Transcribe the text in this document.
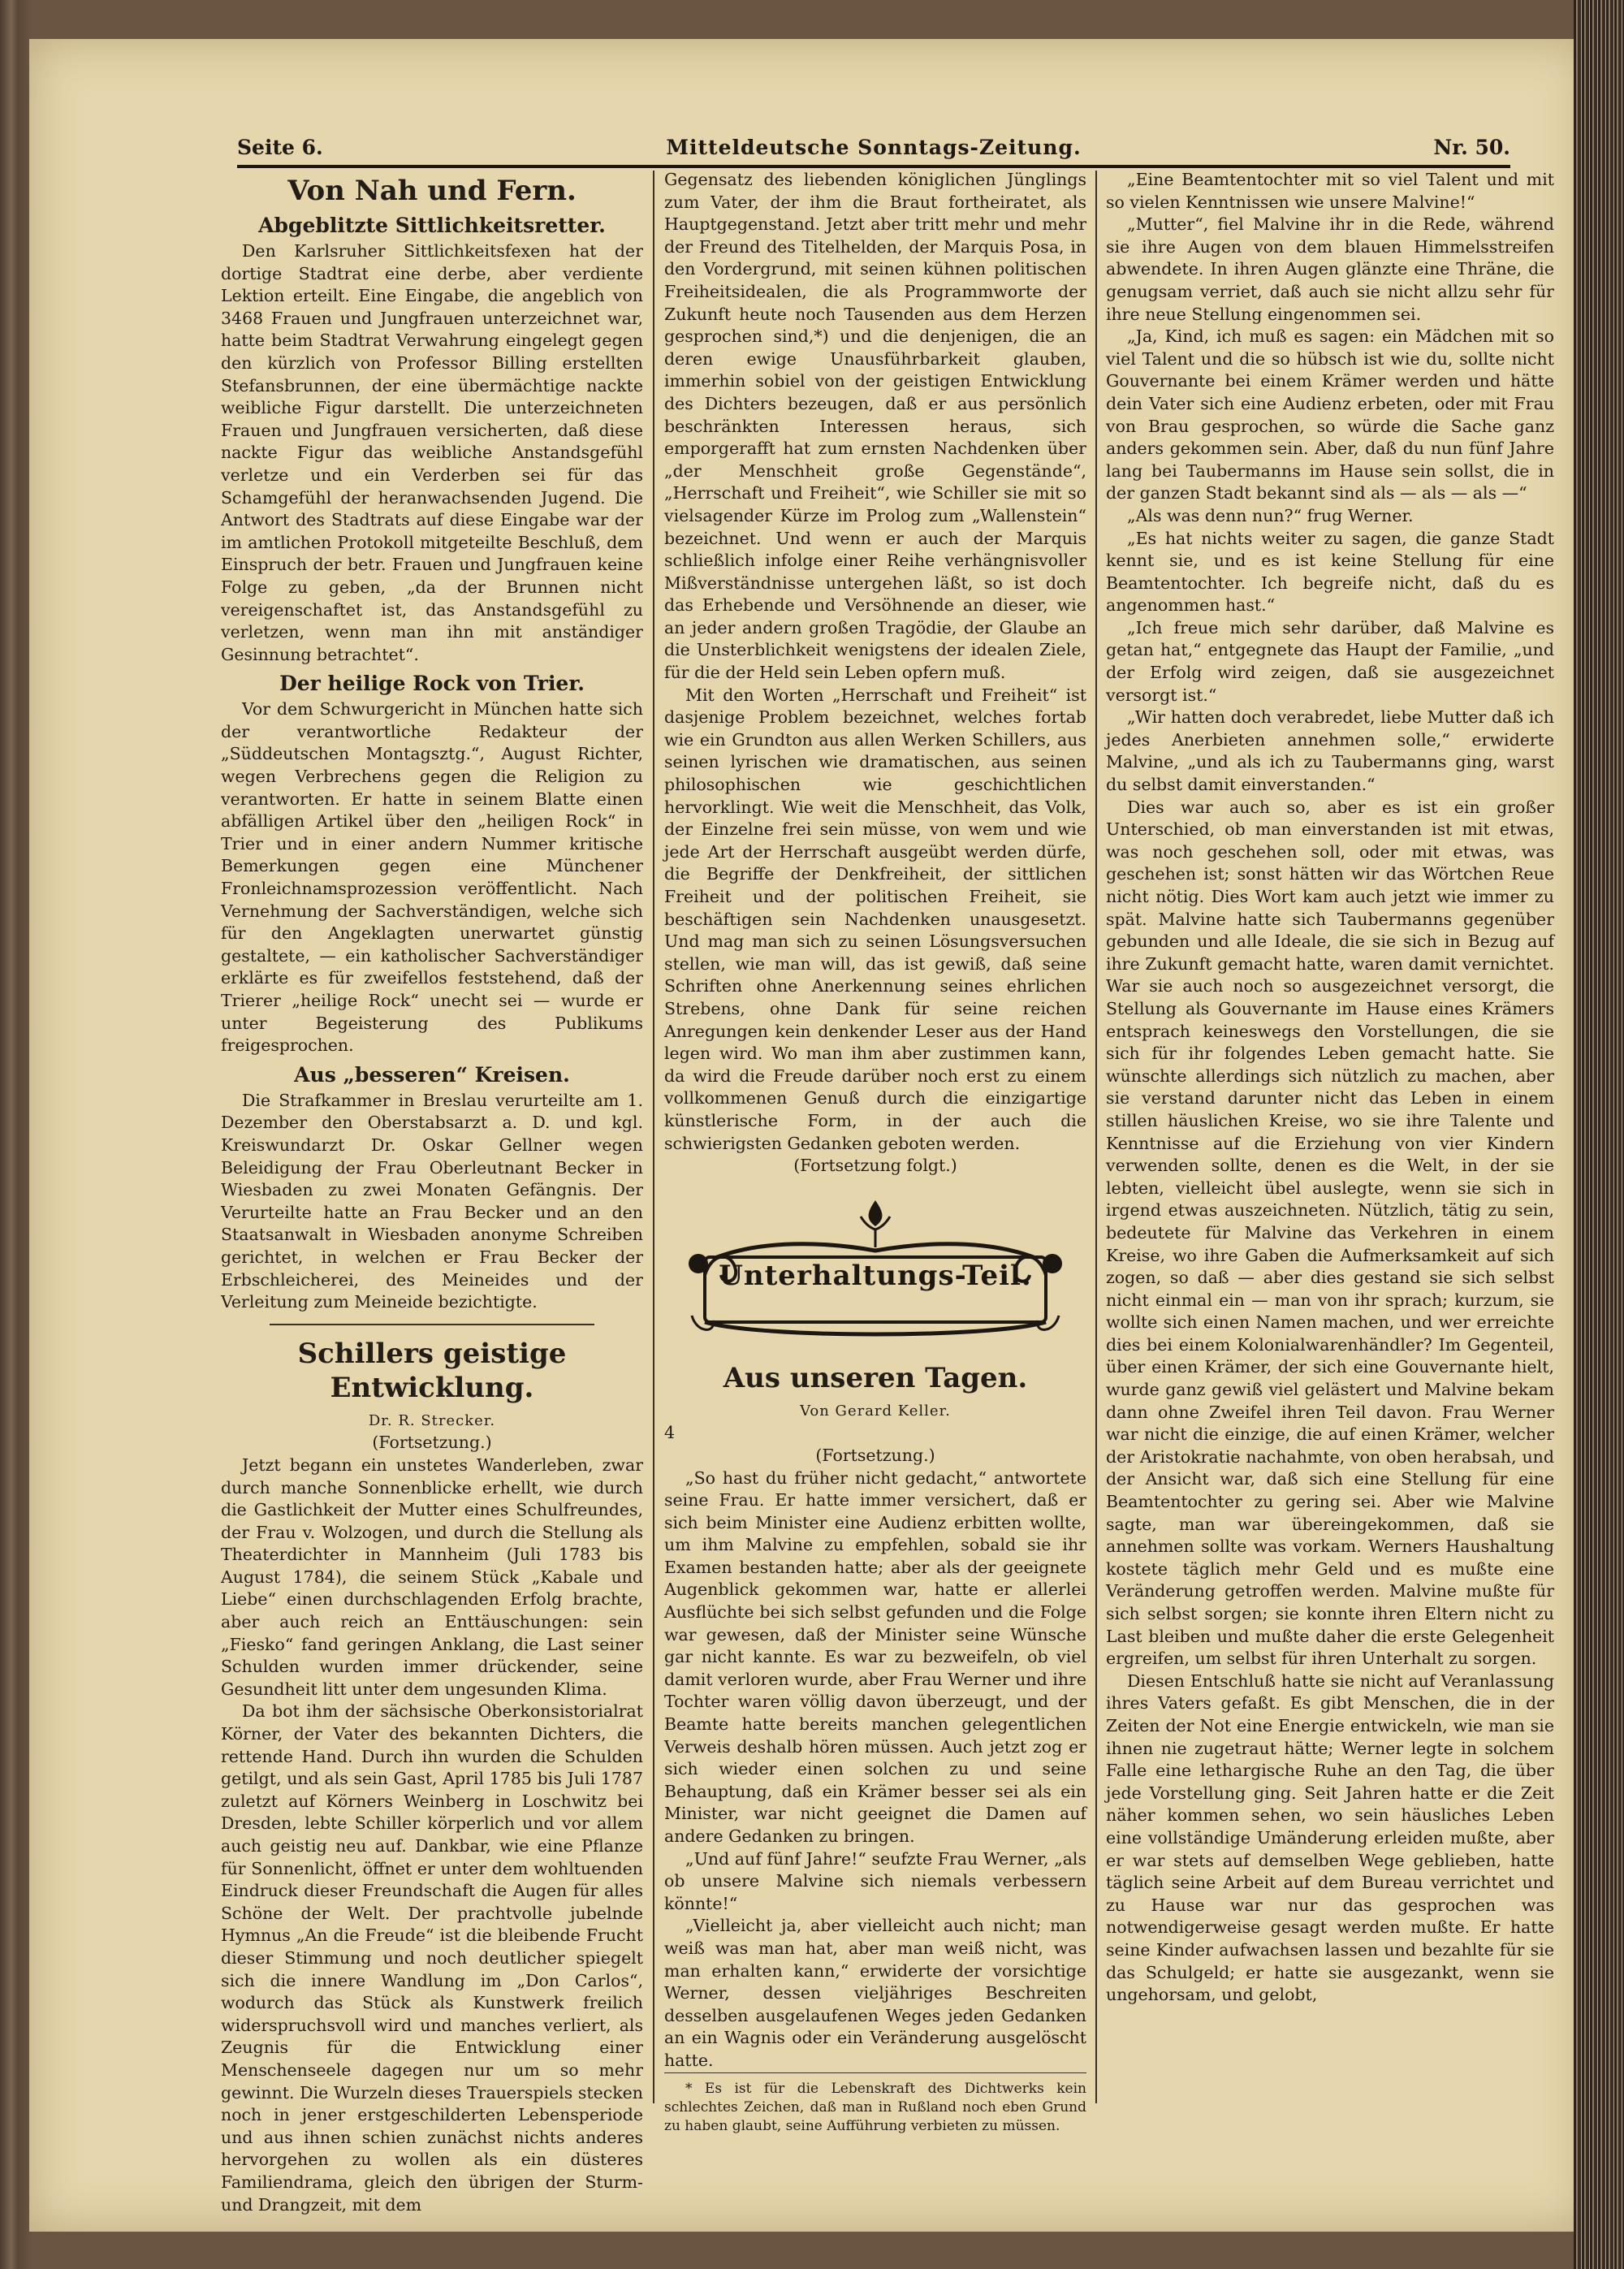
Seite 6.	Mitteldeutsche Sonntags-Zeitung.	Nr. 50.
Von Nah und Fern.
Abgeblitzte Sittlichkeitsretter.

Den Karlsruher Sittlichkeitsfexen hat der dortige Stadtrat eine derbe, aber verdiente Lektion erteilt. Eine Eingabe, die angeblich von 3468 Frauen und Jungfrauen unterzeichnet war, hatte beim Stadtrat Verwahrung eingelegt gegen den kürzlich von Professor Billing erstellten Stefansbrunnen, der eine übermächtige nackte weibliche Figur darstellt. Die unterzeichneten Frauen und Jungfrauen versicherten, daß diese nackte Figur das weibliche Anstandsgefühl verletze und ein Verderben sei für das Schamgefühl der heranwachsenden Jugend. Die Antwort des Stadtrats auf diese Eingabe war der im amtlichen Protokoll mitgeteilte Beschluß, dem Einspruch der betr. Frauen und Jungfrauen keine Folge zu geben, „da der Brunnen nicht vereigenschaftet ist, das Anstandsgefühl zu verletzen, wenn man ihn mit anständiger Gesinnung betrachtet“.

Der heilige Rock von Trier.

Vor dem Schwurgericht in München hatte sich der verantwortliche Redakteur der „Süddeutschen Montagsztg.“, August Richter, wegen Verbrechens gegen die Religion zu verantworten. Er hatte in seinem Blatte einen abfälligen Artikel über den „heiligen Rock“ in Trier und in einer andern Nummer kritische Bemerkungen gegen eine Münchener Fronleichnamsprozession veröffentlicht. Nach Vernehmung der Sachverständigen, welche sich für den Angeklagten unerwartet günstig gestaltete, — ein katholischer Sachverständiger erklärte es für zweifellos feststehend, daß der Trierer „heilige Rock“ unecht sei — wurde er unter Begeisterung des Publikums freigesprochen.

Aus „besseren“ Kreisen.

Die Strafkammer in Breslau verurteilte am 1. Dezember den Oberstabsarzt a. D. und kgl. Kreiswundarzt Dr. Oskar Gellner wegen Beleidigung der Frau Oberleutnant Becker in Wiesbaden zu zwei Monaten Gefängnis. Der Verurteilte hatte an Frau Becker und an den Staatsanwalt in Wiesbaden anonyme Schreiben gerichtet, in welchen er Frau Becker der Erbschleicherei, des Meineides und der Verleitung zum Meineide bezichtigte.

Schillers geistige Entwicklung.

Dr. R. Strecker.

(Fortsetzung.)

Jetzt begann ein unstetes Wanderleben, zwar durch manche Sonnenblicke erhellt, wie durch die Gastlichkeit der Mutter eines Schulfreundes, der Frau v. Wolzogen, und durch die Stellung als Theaterdichter in Mannheim (Juli 1783 bis August 1784), die seinem Stück „Kabale und Liebe“ einen durchschlagenden Erfolg brachte, aber auch reich an Enttäuschungen: sein „Fiesko“ fand geringen Anklang, die Last seiner Schulden wurden immer drückender, seine Gesundheit litt unter dem ungesunden Klima.

Da bot ihm der sächsische Oberkonsistorialrat Körner, der Vater des bekannten Dichters, die rettende Hand. Durch ihn wurden die Schulden getilgt, und als sein Gast, April 1785 bis Juli 1787 zuletzt auf Körners Weinberg in Loschwitz bei Dresden, lebte Schiller körperlich und vor allem auch geistig neu auf. Dankbar, wie eine Pflanze für Sonnenlicht, öffnet er unter dem wohltuenden Eindruck dieser Freundschaft die Augen für alles Schöne der Welt. Der prachtvolle jubelnde Hymnus „An die Freude“ ist die bleibende Frucht dieser Stimmung und noch deutlicher spiegelt sich die innere Wandlung im „Don Carlos“, wodurch das Stück als Kunstwerk freilich widerspruchsvoll wird und manches verliert, als Zeugnis für die Entwicklung einer Menschenseele dagegen nur um so mehr gewinnt. Die Wurzeln dieses Trauerspiels stecken noch in jener erstgeschilderten Lebensperiode und aus ihnen schien zunächst nichts anderes hervorgehen zu wollen als ein düsteres Familiendrama, gleich den übrigen der Sturm- und Drangzeit, mit dem

Gegensatz des liebenden königlichen Jünglings zum Vater, der ihm die Braut fortheiratet, als Hauptgegenstand. Jetzt aber tritt mehr und mehr der Freund des Titelhelden, der Marquis Posa, in den Vordergrund, mit seinen kühnen politischen Freiheitsidealen, die als Programmworte der Zukunft heute noch Tausenden aus dem Herzen gesprochen sind,*) und die denjenigen, die an deren ewige Unausführbarkeit glauben, immerhin sobiel von der geistigen Entwicklung des Dichters bezeugen, daß er aus persönlich beschränkten Interessen heraus, sich emporgerafft hat zum ernsten Nachdenken über „der Menschheit große Gegenstände“, „Herrschaft und Freiheit“, wie Schiller sie mit so vielsagender Kürze im Prolog zum „Wallenstein“ bezeichnet. Und wenn er auch der Marquis schließlich infolge einer Reihe verhängnisvoller Mißverständnisse untergehen läßt, so ist doch das Erhebende und Versöhnende an dieser, wie an jeder andern großen Tragödie, der Glaube an die Unsterblichkeit wenigstens der idealen Ziele, für die der Held sein Leben opfern muß.

Mit den Worten „Herrschaft und Freiheit“ ist dasjenige Problem bezeichnet, welches fortab wie ein Grundton aus allen Werken Schillers, aus seinen lyrischen wie dramatischen, aus seinen philosophischen wie geschichtlichen hervorklingt. Wie weit die Menschheit, das Volk, der Einzelne frei sein müsse, von wem und wie jede Art der Herrschaft ausgeübt werden dürfe, die Begriffe der Denkfreiheit, der sittlichen Freiheit und der politischen Freiheit, sie beschäftigen sein Nachdenken unausgesetzt. Und mag man sich zu seinen Lösungsversuchen stellen, wie man will, das ist gewiß, daß seine Schriften ohne Anerkennung seines ehrlichen Strebens, ohne Dank für seine reichen Anregungen kein denkender Leser aus der Hand legen wird. Wo man ihm aber zustimmen kann, da wird die Freude darüber noch erst zu einem vollkommenen Genuß durch die einzigartige künstlerische Form, in der auch die schwierigsten Gedanken geboten werden.

(Fortsetzung folgt.)

Unterhaltungs-Teil.
Aus unseren Tagen.

Von Gerard Keller.

4

(Fortsetzung.)

„So hast du früher nicht gedacht,“ antwortete seine Frau. Er hatte immer versichert, daß er sich beim Minister eine Audienz erbitten wollte, um ihm Malvine zu empfehlen, sobald sie ihr Examen bestanden hatte; aber als der geeignete Augenblick gekommen war, hatte er allerlei Ausflüchte bei sich selbst gefunden und die Folge war gewesen, daß der Minister seine Wünsche gar nicht kannte. Es war zu bezweifeln, ob viel damit verloren wurde, aber Frau Werner und ihre Tochter waren völlig davon überzeugt, und der Beamte hatte bereits manchen gelegentlichen Verweis deshalb hören müssen. Auch jetzt zog er sich wieder einen solchen zu und seine Behauptung, daß ein Krämer besser sei als ein Minister, war nicht geeignet die Damen auf andere Gedanken zu bringen.

„Und auf fünf Jahre!“ seufzte Frau Werner, „als ob unsere Malvine sich niemals verbessern könnte!“

„Vielleicht ja, aber vielleicht auch nicht; man weiß was man hat, aber man weiß nicht, was man erhalten kann,“ erwiderte der vorsichtige Werner, dessen vieljähriges Beschreiten desselben ausgelaufenen Weges jeden Gedanken an ein Wagnis oder ein Veränderung ausgelöscht hatte.

* Es ist für die Lebenskraft des Dichtwerks kein schlechtes Zeichen, daß man in Rußland noch eben Grund zu haben glaubt, seine Aufführung verbieten zu müssen.

„Eine Beamtentochter mit so viel Talent und mit so vielen Kenntnissen wie unsere Malvine!“

„Mutter“, fiel Malvine ihr in die Rede, während sie ihre Augen von dem blauen Himmelsstreifen abwendete. In ihren Augen glänzte eine Thräne, die genugsam verriet, daß auch sie nicht allzu sehr für ihre neue Stellung eingenommen sei.

„Ja, Kind, ich muß es sagen: ein Mädchen mit so viel Talent und die so hübsch ist wie du, sollte nicht Gouvernante bei einem Krämer werden und hätte dein Vater sich eine Audienz erbeten, oder mit Frau von Brau gesprochen, so würde die Sache ganz anders gekommen sein. Aber, daß du nun fünf Jahre lang bei Taubermanns im Hause sein sollst, die in der ganzen Stadt bekannt sind als — als — als —“

„Als was denn nun?“ frug Werner.

„Es hat nichts weiter zu sagen, die ganze Stadt kennt sie, und es ist keine Stellung für eine Beamtentochter. Ich begreife nicht, daß du es angenommen hast.“

„Ich freue mich sehr darüber, daß Malvine es getan hat,“ entgegnete das Haupt der Familie, „und der Erfolg wird zeigen, daß sie ausgezeichnet versorgt ist.“

„Wir hatten doch verabredet, liebe Mutter daß ich jedes Anerbieten annehmen solle,“ erwiderte Malvine, „und als ich zu Taubermanns ging, warst du selbst damit einverstanden.“

Dies war auch so, aber es ist ein großer Unterschied, ob man einverstanden ist mit etwas, was noch geschehen soll, oder mit etwas, was geschehen ist; sonst hätten wir das Wörtchen Reue nicht nötig. Dies Wort kam auch jetzt wie immer zu spät. Malvine hatte sich Taubermanns gegenüber gebunden und alle Ideale, die sie sich in Bezug auf ihre Zukunft gemacht hatte, waren damit vernichtet. War sie auch noch so ausgezeichnet versorgt, die Stellung als Gouvernante im Hause eines Krämers entsprach keineswegs den Vorstellungen, die sie sich für ihr folgendes Leben gemacht hatte. Sie wünschte allerdings sich nützlich zu machen, aber sie verstand darunter nicht das Leben in einem stillen häuslichen Kreise, wo sie ihre Talente und Kenntnisse auf die Erziehung von vier Kindern verwenden sollte, denen es die Welt, in der sie lebten, vielleicht übel auslegte, wenn sie sich in irgend etwas auszeichneten. Nützlich, tätig zu sein, bedeutete für Malvine das Verkehren in einem Kreise, wo ihre Gaben die Aufmerksamkeit auf sich zogen, so daß — aber dies gestand sie sich selbst nicht einmal ein — man von ihr sprach; kurzum, sie wollte sich einen Namen machen, und wer erreichte dies bei einem Kolonialwarenhändler? Im Gegenteil, über einen Krämer, der sich eine Gouvernante hielt, wurde ganz gewiß viel gelästert und Malvine bekam dann ohne Zweifel ihren Teil davon. Frau Werner war nicht die einzige, die auf einen Krämer, welcher der Aristokratie nachahmte, von oben herabsah, und der Ansicht war, daß sich eine Stellung für eine Beamtentochter zu gering sei. Aber wie Malvine sagte, man war übereingekommen, daß sie annehmen sollte was vorkam. Werners Haushaltung kostete täglich mehr Geld und es mußte eine Veränderung getroffen werden. Malvine mußte für sich selbst sorgen; sie konnte ihren Eltern nicht zu Last bleiben und mußte daher die erste Gelegenheit ergreifen, um selbst für ihren Unterhalt zu sorgen.

Diesen Entschluß hatte sie nicht auf Veranlassung ihres Vaters gefaßt. Es gibt Menschen, die in der Zeiten der Not eine Energie entwickeln, wie man sie ihnen nie zugetraut hätte; Werner legte in solchem Falle eine lethargische Ruhe an den Tag, die über jede Vorstellung ging. Seit Jahren hatte er die Zeit näher kommen sehen, wo sein häusliches Leben eine vollständige Umänderung erleiden mußte, aber er war stets auf demselben Wege geblieben, hatte täglich seine Arbeit auf dem Bureau verrichtet und zu Hause war nur das gesprochen was notwendigerweise gesagt werden mußte. Er hatte seine Kinder aufwachsen lassen und bezahlte für sie das Schulgeld; er hatte sie ausgezankt, wenn sie ungehorsam, und gelobt,
